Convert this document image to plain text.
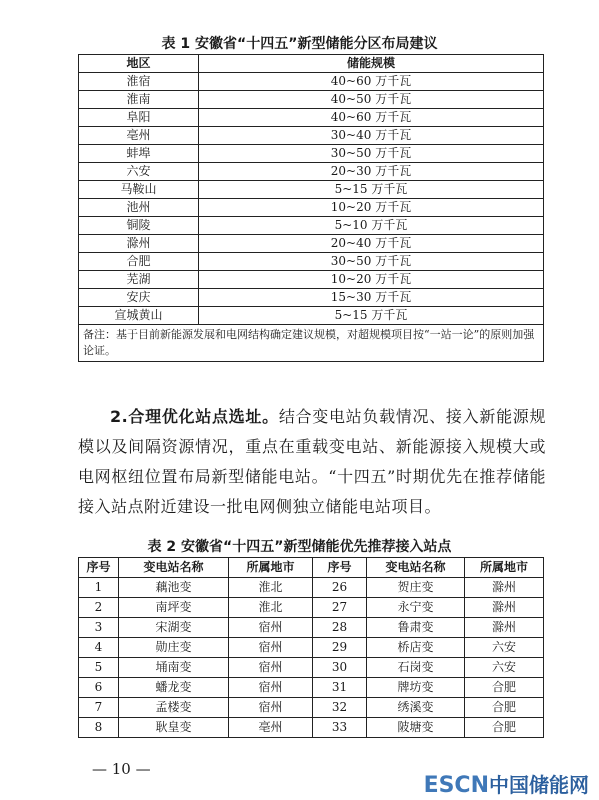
表 1 安徽省“十四五”新型储能分区布局建议
地区	储能规模
淮宿	40~60 万千瓦
淮南	40~50 万千瓦
阜阳	40~60 万千瓦
亳州	30~40 万千瓦
蚌埠	30~50 万千瓦
六安	20~30 万千瓦
马鞍山	5~15 万千瓦
池州	10~20 万千瓦
铜陵	5~10 万千瓦
滁州	20~40 万千瓦
合肥	30~50 万千瓦
芜湖	10~20 万千瓦
安庆	15~30 万千瓦
宣城黄山	5~15 万千瓦
备注：基于目前新能源发展和电网结构确定建议规模，对超规模项目按“一站一论”的原则加强论证。	
2.合理优化站点选址。结合变电站负载情况、接入新能源规模以及间隔资源情况，重点在重载变电站、新能源接入规模大或电网枢纽位置布局新型储能电站。“十四五”时期优先在推荐储能接入站点附近建设一批电网侧独立储能电站项目。
表 2 安徽省“十四五”新型储能优先推荐接入站点
序号	变电站名称	所属地市	序号	变电站名称	所属地市
1	藕池变	淮北	26	贺庄变	滁州
2	南坪变	淮北	27	永宁变	滁州
3	宋湖变	宿州	28	鲁肃变	滁州
4	勋庄变	宿州	29	桥店变	六安
5	埇南变	宿州	30	石岗变	六安
6	蟠龙变	宿州	31	牌坊变	合肥
7	孟楼变	宿州	32	绣溪变	合肥
8	耿皇变	亳州	33	陂塘变	合肥
— 10 —
ESCN中国储能网
